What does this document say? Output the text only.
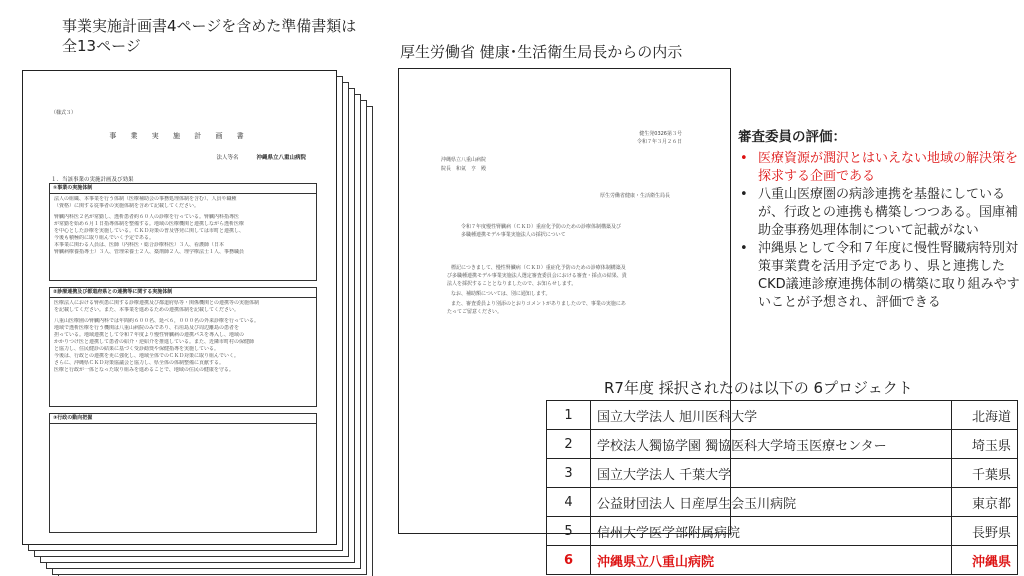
事業実施計画書4ページを含めた準備書類は全13ページ	厚生労働省 健康･生活衛生局長からの内示
（様式３）
事 業 実 施 計 画 書
法人等名	沖縄県立八重山病院
１．当該事業の実施計画及び効果
①事業の実施体制
法人の組織、本事業を行う体制（医療補助会の事務処理体制を含む）、人員や職種
（資格）に関する従事者の実施体制を含めて記載してください。
腎臓内科医２名が常勤し、透析患者約６０人の診療を行っている。腎臓内科指導医
が常勤を始め６月１日指導体制を整備する。地域の医療機関と連携しながら透析医療
を中心とした診療を実施している。ＣＫＤ対策の普及啓発に関しては市町と連携し、
今後も積極的に取り組んでいく予定である。
本事業に関わる人員は、医師（内科医・総合診療科医）３人、看護師（日本
腎臓病療養指導士）３人、管理栄養士２人、薬剤師２人、理学療法士１人、事務職員
②診療連携及び都道府県との連携等に関する実施体制
医療法人における腎疾患に関する診療連携及び都道府県等・関係機関との連携等の実施体制
を記載してください。また、本事業を進めるための連携体制を記載してください。
八重山医療圏の腎臓内科では年間約６００名、延べ６，０００名の外来診療を行っている。
地域で透析医療を行う機関は八重山病院のみであり、石垣島及び周辺離島の患者を
担っている。地域連携として令和７年度より慢性腎臓病の連携パスを導入し、地域の
かかりつけ医と連携して患者の紹介・逆紹介を推進している。また、近隣市町村の保健師
と協力し、住民健診の結果に基づく受診勧奨や保健指導を実施している。
今後は、行政との連携を更に強化し、地域全体でのＣＫＤ対策に取り組んでいく。
さらに、沖縄県ＣＫＤ対策協議会と協力し、県全体の体制整備に貢献する。
医療と行政が一体となった取り組みを進めることで、地域の住民の健康を守る。
③行政の動向把握
健生発0326第３号
令和７年３月２６日
沖縄県立八重山病院
院長　和氣　亨　殿
厚生労働省健康・生活衛生局長
令和７年度慢性腎臓病（ＣＫＤ）重症化予防のための診療体制構築及び
多職種連携モデル事業実施法人の採択について
標記につきまして、慢性腎臓病（ＣＫＤ）重症化予防のための診療体制構築及
び多職種連携モデル事業実施法人選定審査委員会における審査・採点の結果、貴
法人を採択することとなりましたので、お知らせします。
なお、補助額については、別に通知します。
また、審査委員より別添のとおりコメントがありましたので、事業の実施にあ
たってご留意ください。
審査委員の評価：
• 医療資源が潤沢とはいえない地域の解決策を探求する企画である
• 八重山医療圏の病診連携を基盤にしているが、行政との連携も構築しつつある。国庫補助金事務処理体制について記載がない
• 沖縄県として令和７年度に慢性腎臓病特別対策事業費を活用予定であり、県と連携したCKD議連診療連携体制の構築に取り組みやすいことが予想され、評価できる
R7年度 採択されたのは以下の 6プロジェクト
1	国立大学法人 旭川医科大学	北海道
2	学校法人獨協学園 獨協医科大学埼玉医療センター	埼玉県
3	国立大学法人 千葉大学	千葉県
4	公益財団法人 日産厚生会玉川病院	東京都
5	信州大学医学部附属病院	長野県
6	沖縄県立八重山病院	沖縄県
